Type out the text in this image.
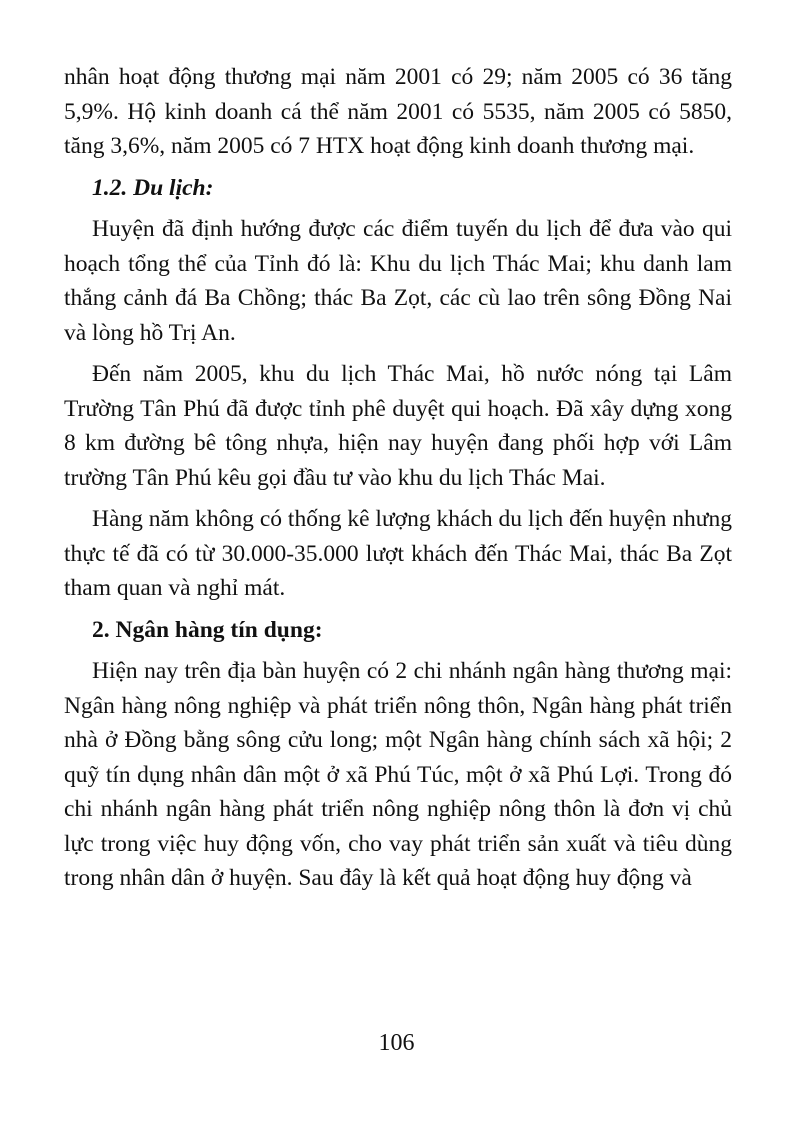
nhân hoạt động thương mại năm 2001 có 29; năm 2005 có 36 tăng 5,9%. Hộ kinh doanh cá thể năm 2001 có 5535, năm 2005 có 5850, tăng 3,6%, năm 2005 có 7 HTX hoạt động kinh doanh thương mại.

1.2. Du lịch:

Huyện đã định hướng được các điểm tuyến du lịch để đưa vào qui hoạch tổng thể của Tỉnh đó là: Khu du lịch Thác Mai; khu danh lam thắng cảnh đá Ba Chồng; thác Ba Zọt, các cù lao trên sông Đồng Nai và lòng hồ Trị An.

Đến năm 2005, khu du lịch Thác Mai, hồ nước nóng tại Lâm Trường Tân Phú đã được tỉnh phê duyệt qui hoạch. Đã xây dựng xong 8 km đường bê tông nhựa, hiện nay huyện đang phối hợp với Lâm trường Tân Phú kêu gọi đầu tư vào khu du lịch Thác Mai.

Hàng năm không có thống kê lượng khách du lịch đến huyện nhưng thực tế đã có từ 30.000-35.000 lượt khách đến Thác Mai, thác Ba Zọt tham quan và nghỉ mát.

2. Ngân hàng tín dụng:

Hiện nay trên địa bàn huyện có 2 chi nhánh ngân hàng thương mại: Ngân hàng nông nghiệp và phát triển nông thôn, Ngân hàng phát triển nhà ở Đồng bằng sông cửu long; một Ngân hàng chính sách xã hội; 2 quỹ tín dụng nhân dân một ở xã Phú Túc, một ở xã Phú Lợi. Trong đó chi nhánh ngân hàng phát triển nông nghiệp nông thôn là đơn vị chủ lực trong việc huy động vốn, cho vay phát triển sản xuất và tiêu dùng trong nhân dân ở huyện. Sau đây là kết quả hoạt động huy động và

106
